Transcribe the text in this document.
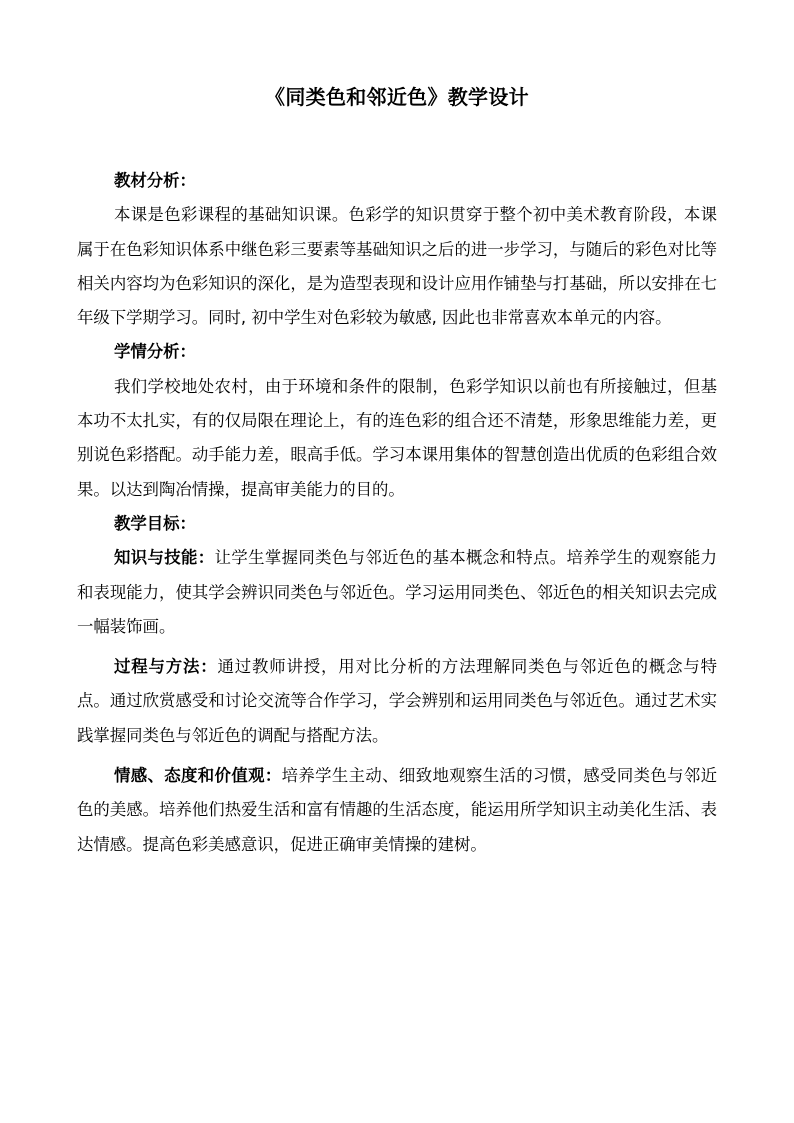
《同类色和邻近色》教学设计

教材分析：

本课是色彩课程的基础知识课。色彩学的知识贯穿于整个初中美术教育阶段，本课属于在色彩知识体系中继色彩三要素等基础知识之后的进一步学习，与随后的彩色对比等相关内容均为色彩知识的深化，是为造型表现和设计应用作铺垫与打基础，所以安排在七年级下学期学习。同时, 初中学生对色彩较为敏感, 因此也非常喜欢本单元的内容。

学情分析：

我们学校地处农村，由于环境和条件的限制，色彩学知识以前也有所接触过，但基本功不太扎实，有的仅局限在理论上，有的连色彩的组合还不清楚，形象思维能力差，更别说色彩搭配。动手能力差，眼高手低。学习本课用集体的智慧创造出优质的色彩组合效果。以达到陶冶情操，提高审美能力的目的。

教学目标：

知识与技能：让学生掌握同类色与邻近色的基本概念和特点。培养学生的观察能力和表现能力，使其学会辨识同类色与邻近色。学习运用同类色、邻近色的相关知识去完成一幅装饰画。

过程与方法：通过教师讲授，用对比分析的方法理解同类色与邻近色的概念与特点。通过欣赏感受和讨论交流等合作学习，学会辨别和运用同类色与邻近色。通过艺术实践掌握同类色与邻近色的调配与搭配方法。

情感、态度和价值观：培养学生主动、细致地观察生活的习惯，感受同类色与邻近色的美感。培养他们热爱生活和富有情趣的生活态度，能运用所学知识主动美化生活、表达情感。提高色彩美感意识，促进正确审美情操的建树。
